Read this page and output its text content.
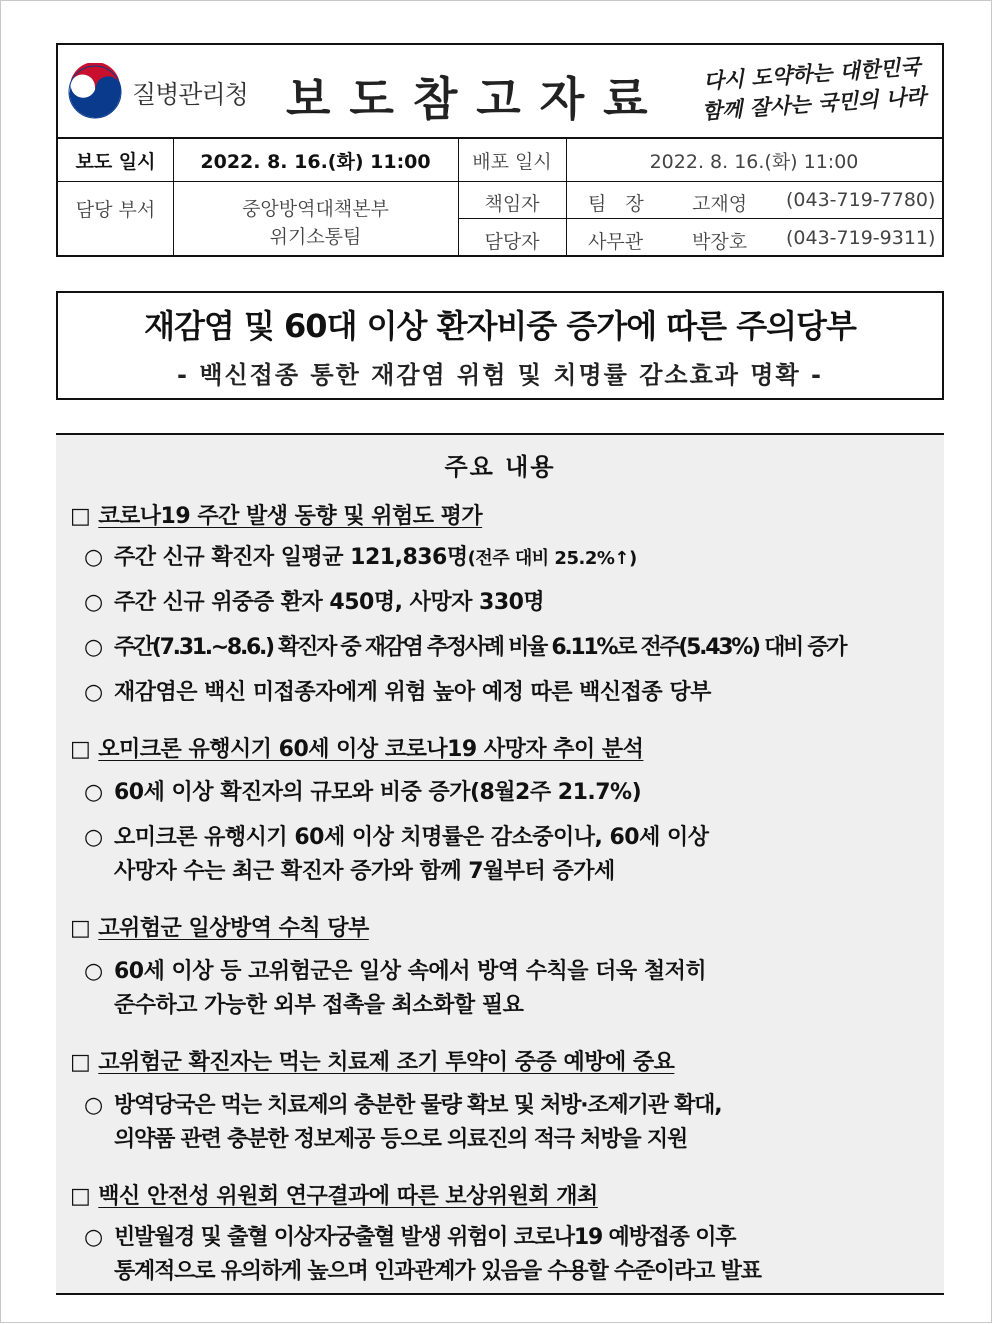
질병관리청 보도참고자료	다시 도약하는 대한민국
함께 잘사는 국민의 나라
보도 일시	2022. 8. 16.(화) 11:00	배포 일시	2022. 8. 16.(화) 11:00
담당 부서	중앙방역대책본부
위기소통팀
책임자	팀　장	고재영 (043-719-7780)
담당자	사무관	박장호 (043-719-9311)
재감염 및 60대 이상 환자비중 증가에 따른 주의당부
- 백신접종 통한 재감염 위험 및 치명률 감소효과 명확 -
주요 내용
□ 코로나19 주간 발생 동향 및 위험도 평가
○ 주간 신규 확진자 일평균 121,836명(전주 대비 25.2%↑)
○ 주간 신규 위중증 환자 450명, 사망자 330명
○ 주간(7.31.~8.6.) 확진자 중 재감염 추정사례 비율 6.11%로 전주(5.43%) 대비 증가
○ 재감염은 백신 미접종자에게 위험 높아 예정 따른 백신접종 당부
□ 오미크론 유행시기 60세 이상 코로나19 사망자 추이 분석
○ 60세 이상 확진자의 규모와 비중 증가(8월2주 21.7%)
○ 오미크론 유행시기 60세 이상 치명률은 감소중이나, 60세 이상
사망자 수는 최근 확진자 증가와 함께 7월부터 증가세
□ 고위험군 일상방역 수칙 당부
○ 60세 이상 등 고위험군은 일상 속에서 방역 수칙을 더욱 철저히
준수하고 가능한 외부 접촉을 최소화할 필요
□ 고위험군 확진자는 먹는 치료제 조기 투약이 중증 예방에 중요
○ 방역당국은 먹는 치료제의 충분한 물량 확보 및 처방·조제기관 확대,
의약품 관련 충분한 정보제공 등으로 의료진의 적극 처방을 지원
□ 백신 안전성 위원회 연구결과에 따른 보상위원회 개최
○ 빈발월경 및 출혈 이상자궁출혈 발생 위험이 코로나19 예방접종 이후
통계적으로 유의하게 높으며 인과관계가 있음을 수용할 수준이라고 발표
